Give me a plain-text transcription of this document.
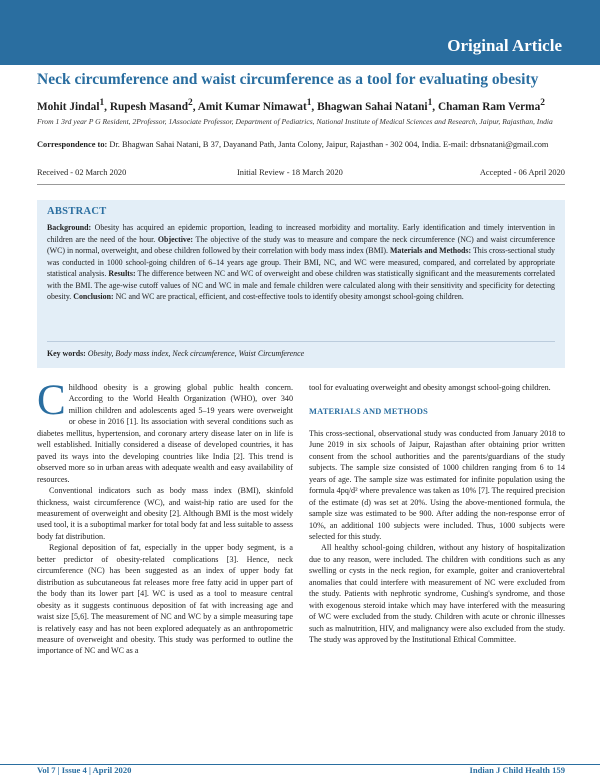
Original Article
Neck circumference and waist circumference as a tool for evaluating obesity
Mohit Jindal$^1$, Rupesh Masand$^2$, Amit Kumar Nimawat$^1$, Bhagwan Sahai Natani$^1$, Chaman Ram Verma$^2$
From 1 3rd year P G Resident, 2Professor, 1Associate Professor, Department of Pediatrics, National Institute of Medical Sciences and Research, Jaipur, Rajasthan, India
Correspondence to: Dr. Bhagwan Sahai Natani, B 37, Dayanand Path, Janta Colony, Jaipur, Rajasthan - 302 004, India. E-mail: drbsnatani@gmail.com
Received - 02 March 2020	Initial Review - 18 March 2020	Accepted - 06 April 2020
ABSTRACT
Background: Obesity has acquired an epidemic proportion, leading to increased morbidity and mortality. Early identification and timely intervention in children are the need of the hour. Objective: The objective of the study was to measure and compare the neck circumference (NC) and waist circumference (WC) in normal, overweight, and obese children followed by their correlation with body mass index (BMI). Materials and Methods: This cross-sectional study was conducted in 1000 school-going children of 6–14 years age group. Their BMI, NC, and WC were measured, compared, and correlated by appropriate statistical analysis. Results: The difference between NC and WC of overweight and obese children was statistically significant and the measurements correlated with the BMI. The age-wise cutoff values of NC and WC in male and female children were calculated along with their sensitivity and specificity for detecting obesity. Conclusion: NC and WC are practical, efficient, and cost-effective tools to identify obesity amongst school-going children.
Key words: Obesity, Body mass index, Neck circumference, Waist Circumference

C hildhood obesity is a growing global public health concern. According to the World Health Organization (WHO), over 340 million children and adolescents aged 5–19 years were overweight or obese in 2016 [1]. Its association with several conditions such as diabetes mellitus, hypertension, and coronary artery disease later on in life is well established. Initially considered a disease of developed countries, it has paved its ways into the developing countries like India [2]. This trend is observed more so in urban areas with adequate wealth and easy availability of resources.

Conventional indicators such as body mass index (BMI), skinfold thickness, waist circumference (WC), and waist-hip ratio are used for the measurement of overweight and obesity [2]. Although BMI is the most widely used tool, it is a suboptimal marker for total body fat and less suitable to assess body fat distribution.

Regional deposition of fat, especially in the upper body segment, is a better predictor of obesity-related complications [3]. Hence, neck circumference (NC) has been suggested as an index of upper body fat distribution as subcutaneous fat releases more free fatty acid in upper part of the body than its lower part [4]. WC is used as a tool to measure central obesity as it suggests continuous deposition of fat with increasing age and waist size [5,6]. The measurement of NC and WC by a simple measuring tape is relatively easy and has not been explored adequately as an anthropometric measure of overweight and obesity. This study was performed to outline the importance of NC and WC as a

tool for evaluating overweight and obesity amongst school-going children.

MATERIALS AND METHODS

This cross-sectional, observational study was conducted from January 2018 to June 2019 in six schools of Jaipur, Rajasthan after obtaining prior written consent from the school authorities and the parents/guardians of the study subjects. The sample size consisted of 1000 children ranging from 6 to 14 years of age. The sample size was estimated for infinite population using the formula 4pq/d² where prevalence was taken as 10% [7]. The required precision of the estimate (d) was set at 20%. Using the above-mentioned formula, the sample size was estimated to be 900. After adding the non-response error of 10%, an additional 100 subjects were included. Thus, 1000 subjects were selected for this study.

All healthy school-going children, without any history of hospitalization due to any reason, were included. The children with conditions such as any swelling or cysts in the neck region, for example, goiter and craniovertebral anomalies that could interfere with measurement of NC were excluded from the study. Patients with nephrotic syndrome, Cushing's syndrome, and those with exogenous steroid intake which may have interfered with the measuring of WC were excluded from the study. Children with acute or chronic illnesses such as malnutrition, HIV, and malignancy were also excluded from the study. The study was approved by the Institutional Ethical Committee.

Vol 7 | Issue 4 | April 2020	Indian J Child Health 159
